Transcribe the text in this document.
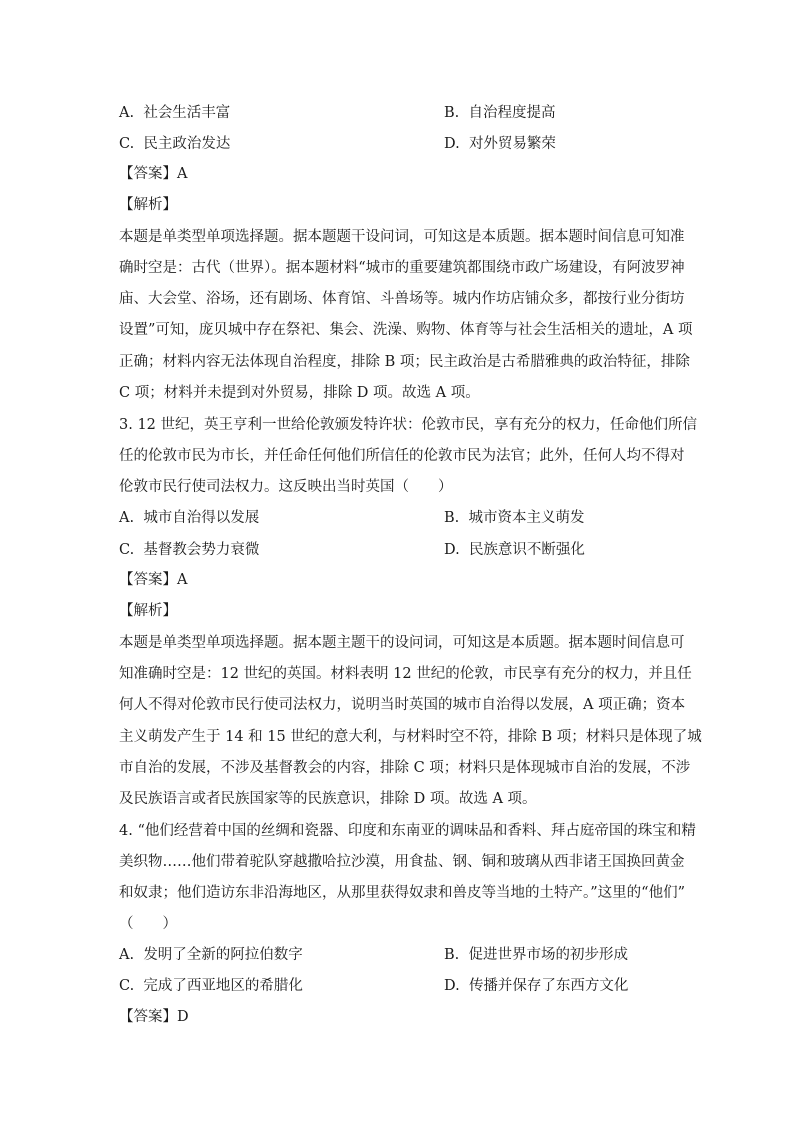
A. 社会生活丰富	B. 自治程度提高
C. 民主政治发达	D. 对外贸易繁荣
【答案】A
【解析】
本题是单类型单项选择题。据本题题干设问词，可知这是本质题。据本题时间信息可知准
确时空是：古代（世界）。据本题材料“城市的重要建筑都围绕市政广场建设，有阿波罗神
庙、大会堂、浴场，还有剧场、体育馆、斗兽场等。城内作坊店铺众多，都按行业分街坊
设置”可知，庞贝城中存在祭祀、集会、洗澡、购物、体育等与社会生活相关的遗址，A 项
正确；材料内容无法体现自治程度，排除 B 项；民主政治是古希腊雅典的政治特征，排除
C 项；材料并未提到对外贸易，排除 D 项。故选 A 项。
3. 12 世纪，英王亨利一世给伦敦颁发特许状：伦敦市民，享有充分的权力，任命他们所信
任的伦敦市民为市长，并任命任何他们所信任的伦敦市民为法官；此外，任何人均不得对
伦敦市民行使司法权力。这反映出当时英国（　　）
A. 城市自治得以发展	B. 城市资本主义萌发
C. 基督教会势力衰微	D. 民族意识不断强化
【答案】A
【解析】
本题是单类型单项选择题。据本题主题干的设问词，可知这是本质题。据本题时间信息可
知准确时空是：12 世纪的英国。材料表明 12 世纪的伦敦，市民享有充分的权力，并且任
何人不得对伦敦市民行使司法权力，说明当时英国的城市自治得以发展，A 项正确；资本
主义萌发产生于 14 和 15 世纪的意大利，与材料时空不符，排除 B 项；材料只是体现了城
市自治的发展，不涉及基督教会的内容，排除 C 项；材料只是体现城市自治的发展，不涉
及民族语言或者民族国家等的民族意识，排除 D 项。故选 A 项。
4. “他们经营着中国的丝绸和瓷器、印度和东南亚的调味品和香料、拜占庭帝国的珠宝和精
美织物……他们带着驼队穿越撒哈拉沙漠，用食盐、钢、铜和玻璃从西非诸王国换回黄金
和奴隶；他们造访东非沿海地区，从那里获得奴隶和兽皮等当地的土特产。”这里的“他们”
（　　）
A. 发明了全新的阿拉伯数字	B. 促进世界市场的初步形成
C. 完成了西亚地区的希腊化	D. 传播并保存了东西方文化
【答案】D
